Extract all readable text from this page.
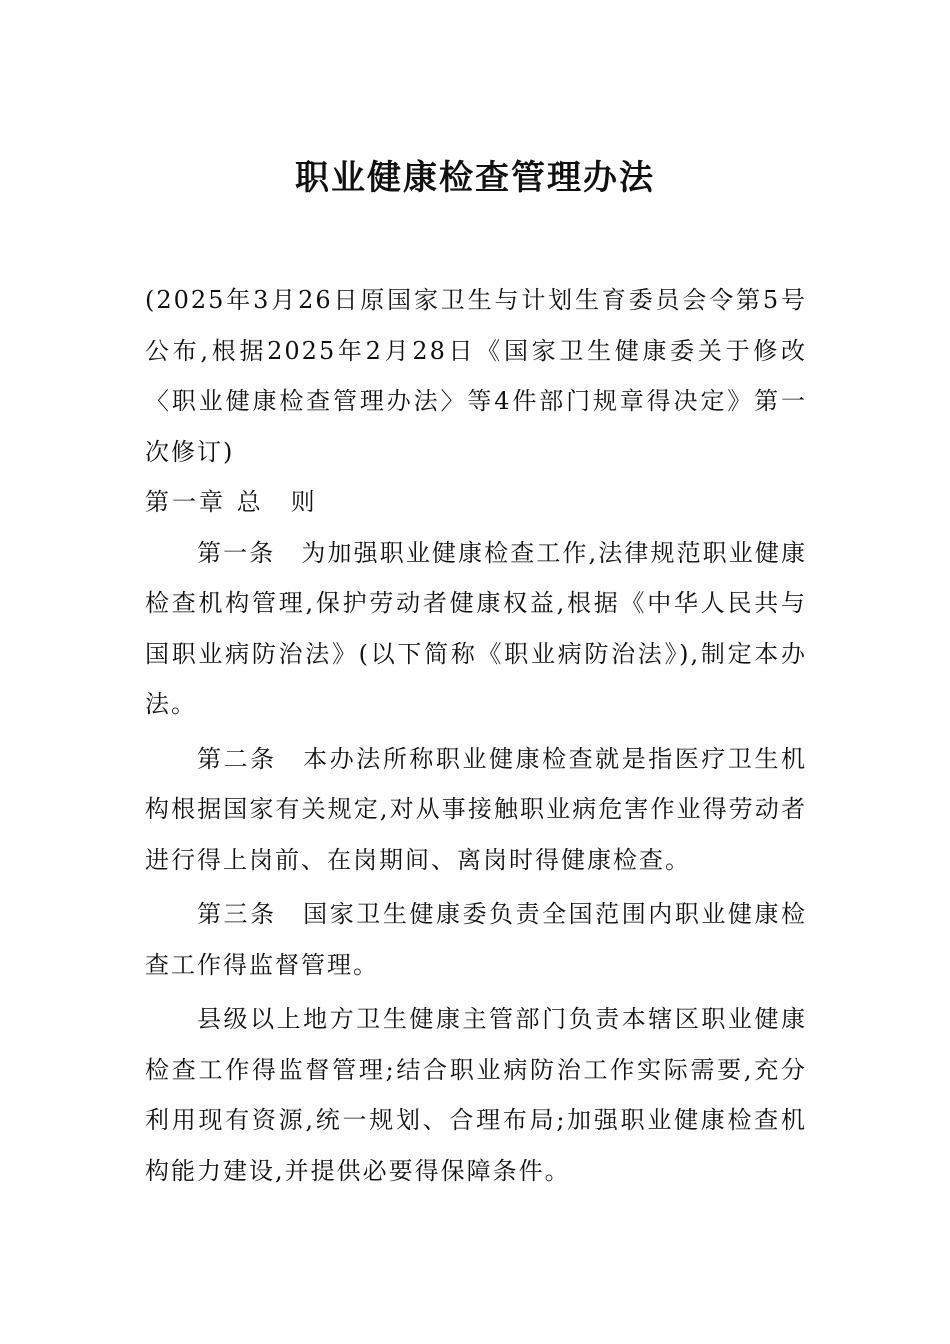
职业健康检查管理办法

(2025年3月26日原国家卫生与计划生育委员会令第5号公布,根据2025年2月28日《国家卫生健康委关于修改〈职业健康检查管理办法〉等4件部门规章得决定》第一次修订)

第一章 总　则

第一条　为加强职业健康检查工作,法律规范职业健康检查机构管理,保护劳动者健康权益,根据《中华人民共与国职业病防治法》(以下简称《职业病防治法》),制定本办法。

第二条　本办法所称职业健康检查就是指医疗卫生机构根据国家有关规定,对从事接触职业病危害作业得劳动者进行得上岗前、在岗期间、离岗时得健康检查。

第三条　国家卫生健康委负责全国范围内职业健康检查工作得监督管理。

县级以上地方卫生健康主管部门负责本辖区职业健康检查工作得监督管理;结合职业病防治工作实际需要,充分利用现有资源,统一规划、合理布局;加强职业健康检查机构能力建设,并提供必要得保障条件。
